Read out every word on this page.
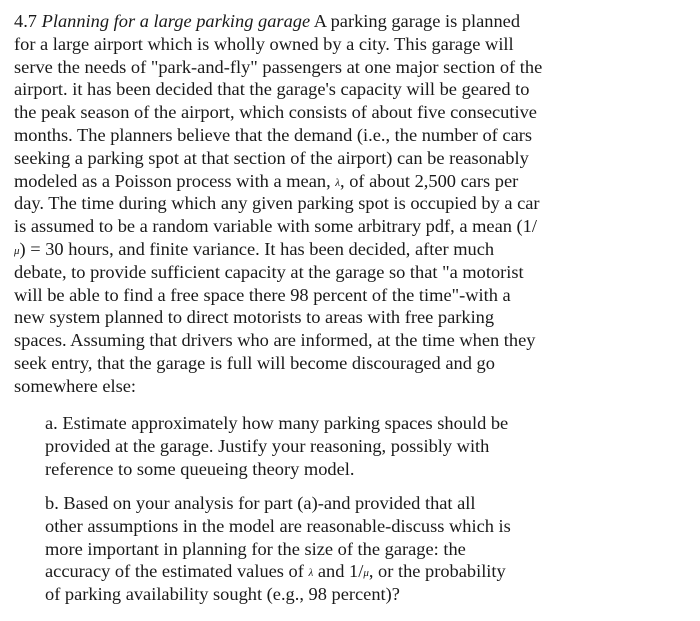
4.7 Planning for a large parking garage A parking garage is planned
for a large airport which is wholly owned by a city. This garage will
serve the needs of "park-and-fly" passengers at one major section of the
airport. it has been decided that the garage's capacity will be geared to
the peak season of the airport, which consists of about five consecutive
months. The planners believe that the demand (i.e., the number of cars
seeking a parking spot at that section of the airport) can be reasonably
modeled as a Poisson process with a mean, λ, of about 2,500 cars per
day. The time during which any given parking spot is occupied by a car
is assumed to be a random variable with some arbitrary pdf, a mean (1/
μ) = 30 hours, and finite variance. It has been decided, after much
debate, to provide sufficient capacity at the garage so that "a motorist
will be able to find a free space there 98 percent of the time"-with a
new system planned to direct motorists to areas with free parking
spaces. Assuming that drivers who are informed, at the time when they
seek entry, that the garage is full will become discouraged and go
somewhere else:
a. Estimate approximately how many parking spaces should be
provided at the garage. Justify your reasoning, possibly with
reference to some queueing theory model.
b. Based on your analysis for part (a)-and provided that all
other assumptions in the model are reasonable-discuss which is
more important in planning for the size of the garage: the
accuracy of the estimated values of λ and 1/μ, or the probability
of parking availability sought (e.g., 98 percent)?
